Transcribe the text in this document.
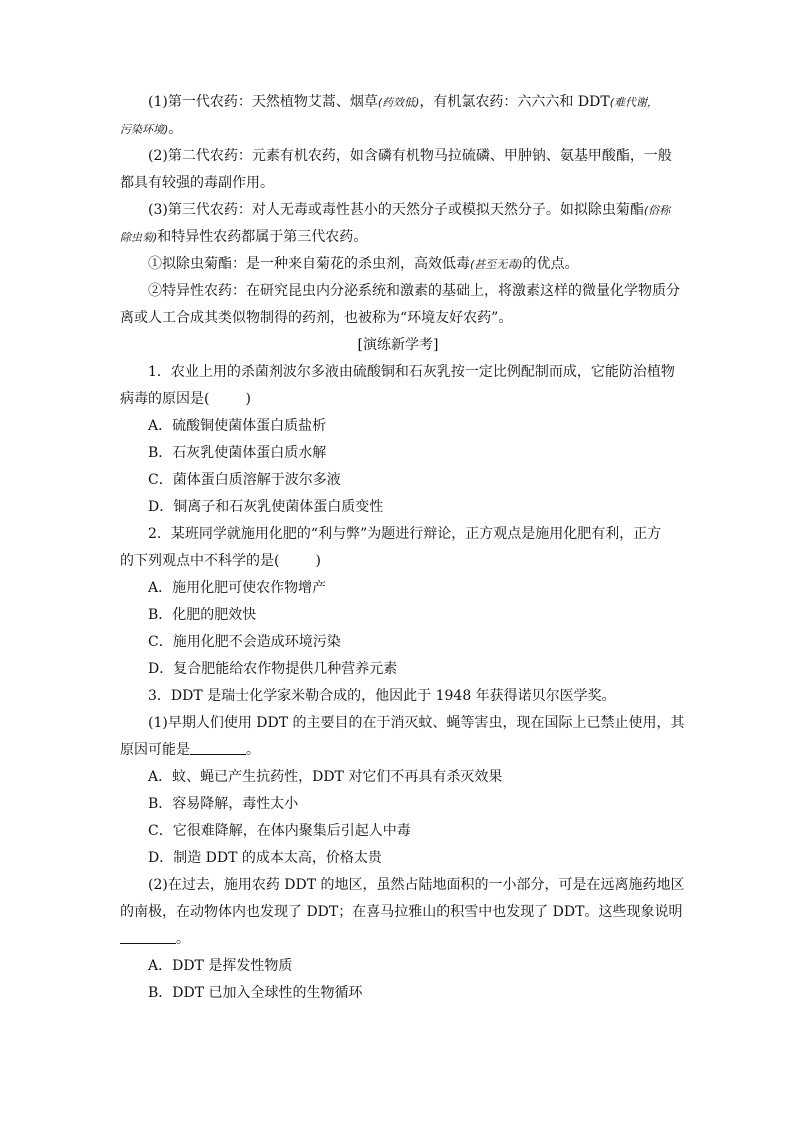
(1)第一代农药：天然植物艾蒿、烟草(药效低)，有机氯农药：六六六和 DDT(难代谢，

污染环境)。

(2)第二代农药：元素有机农药，如含磷有机物马拉硫磷、甲肿钠、氨基甲酸酯，一般

都具有较强的毒副作用。

(3)第三代农药：对人无毒或毒性甚小的天然分子或模拟天然分子。如拟除虫菊酯(俗称

除虫菊)和特异性农药都属于第三代农药。

①拟除虫菊酯：是一种来自菊花的杀虫剂，高效低毒(甚至无毒)的优点。

②特异性农药：在研究昆虫内分泌系统和激素的基础上，将激素这样的微量化学物质分

离或人工合成其类似物制得的药剂，也被称为“环境友好农药”。

[演练新学考]

1．农业上用的杀菌剂波尔多液由硫酸铜和石灰乳按一定比例配制而成，它能防治植物

病毒的原因是(	)

A．硫酸铜使菌体蛋白质盐析

B．石灰乳使菌体蛋白质水解

C．菌体蛋白质溶解于波尔多液

D．铜离子和石灰乳使菌体蛋白质变性

2．某班同学就施用化肥的“利与弊”为题进行辩论，正方观点是施用化肥有利，正方

的下列观点中不科学的是(	)

A．施用化肥可使农作物增产

B．化肥的肥效快

C．施用化肥不会造成环境污染

D．复合肥能给农作物提供几种营养元素

3．DDT 是瑞士化学家米勒合成的，他因此于 1948 年获得诺贝尔医学奖。

(1)早期人们使用 DDT 的主要目的在于消灭蚊、蝇等害虫，现在国际上已禁止使用，其

原因可能是	。

A．蚊、蝇已产生抗药性，DDT 对它们不再具有杀灭效果

B．容易降解，毒性太小

C．它很难降解，在体内聚集后引起人中毒

D．制造 DDT 的成本太高，价格太贵

(2)在过去，施用农药 DDT 的地区，虽然占陆地面积的一小部分，可是在远离施药地区

的南极，在动物体内也发现了 DDT；在喜马拉雅山的积雪中也发现了 DDT。这些现象说明

。

A．DDT 是挥发性物质

B．DDT 已加入全球性的生物循环
